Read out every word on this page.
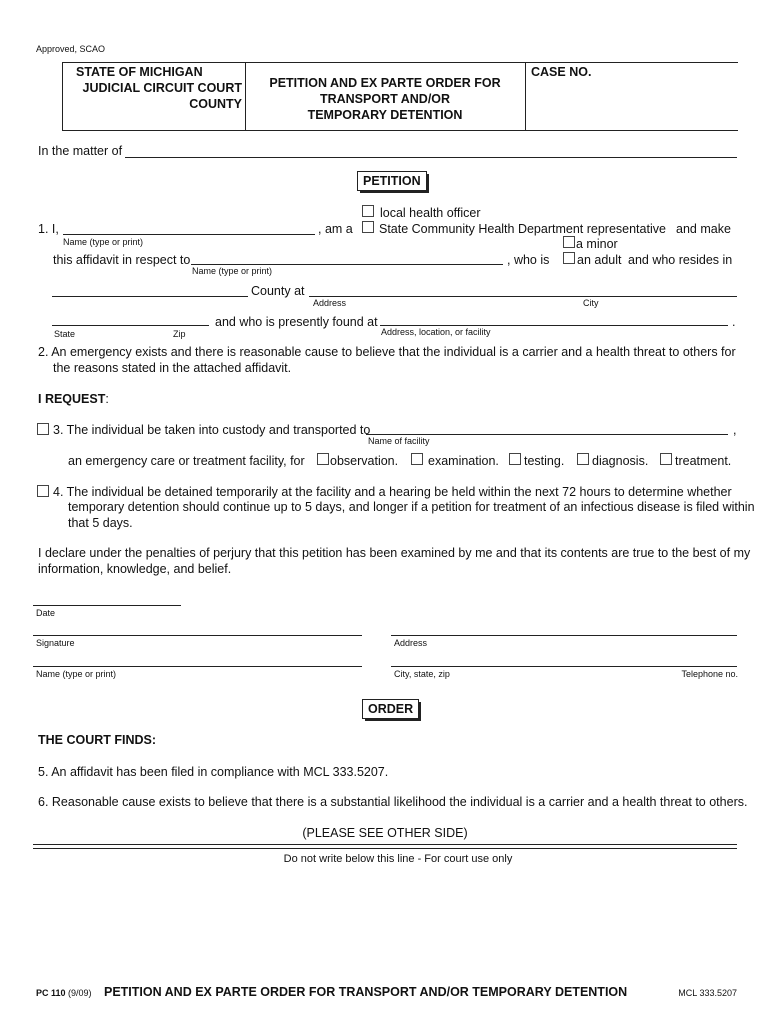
Approved, SCAO
STATE OF MICHIGAN
JUDICIAL CIRCUIT COURT
COUNTY
PETITION AND EX PARTE ORDER FOR
TRANSPORT AND/OR
TEMPORARY DETENTION
CASE NO.
In the matter of
PETITION
local health officer
1. I,	, am a State Community Health Department representative and make
Name (type or print)	a minor
this affidavit in respect to	, who is an adult and who resides in
Name (type or print)
County at
Address	City
and who is presently found at	.
State	Zip	Address, location, or facility
2. An emergency exists and there is reasonable cause to believe that the individual is a carrier and a health threat to others for
the reasons stated in the attached affidavit.
I REQUEST:
3. The individual be taken into custody and transported to	,
Name of facility
an emergency care or treatment facility, for observation. examination. testing. diagnosis. treatment.
4. The individual be detained temporarily at the facility and a hearing be held within the next 72 hours to determine whether
temporary detention should continue up to 5 days, and longer if a petition for treatment of an infectious disease is filed within
that 5 days.
I declare under the penalties of perjury that this petition has been examined by me and that its contents are true to the best of my
information, knowledge, and belief.
Date
Signature	Address
Name (type or print)	City, state, zip	Telephone no.
ORDER
THE COURT FINDS:
5. An affidavit has been filed in compliance with MCL 333.5207.
6. Reasonable cause exists to believe that there is a substantial likelihood the individual is a carrier and a health threat to others.
(PLEASE SEE OTHER SIDE)
Do not write below this line - For court use only
PC 110 (9/09) PETITION AND EX PARTE ORDER FOR TRANSPORT AND/OR TEMPORARY DETENTION	MCL 333.5207
